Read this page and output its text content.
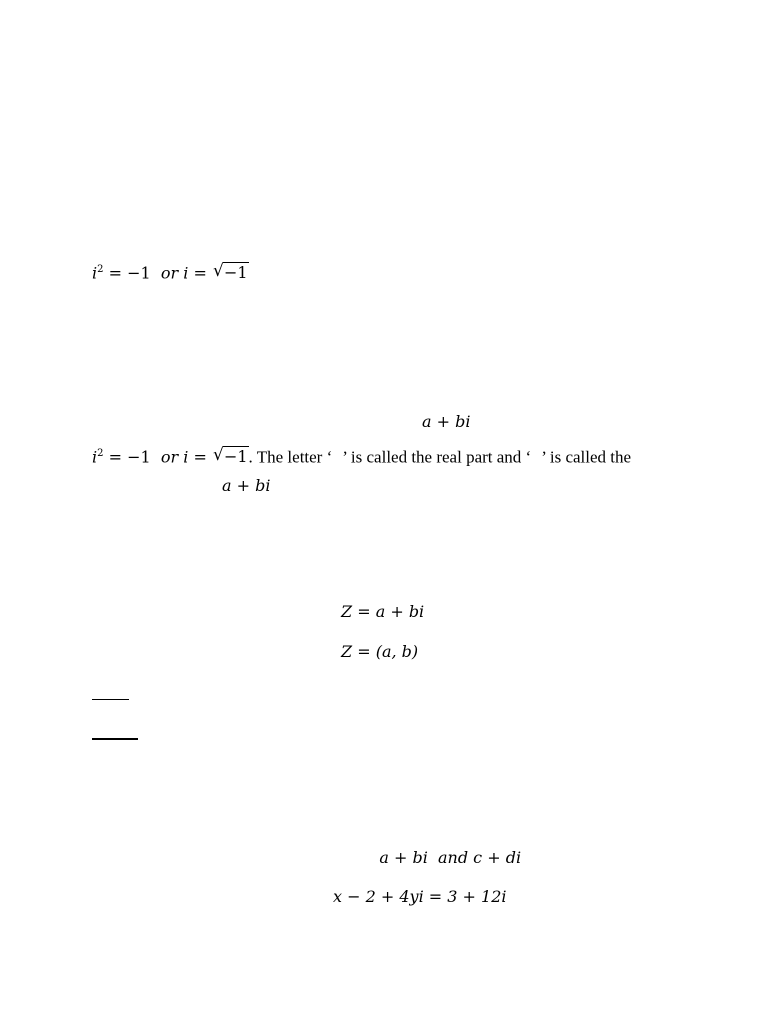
$i^2 = -1$ or i = √ −1
a + bi
$i^2 = -1$ or i = √ −1. The letter ‘ ’ is called the real part and ‘ ’ is called the
a + bi
Z = a + bi
Z = (a, b)

a + bi  and c + di

x − 2 + 4yi = 3 + 12i
